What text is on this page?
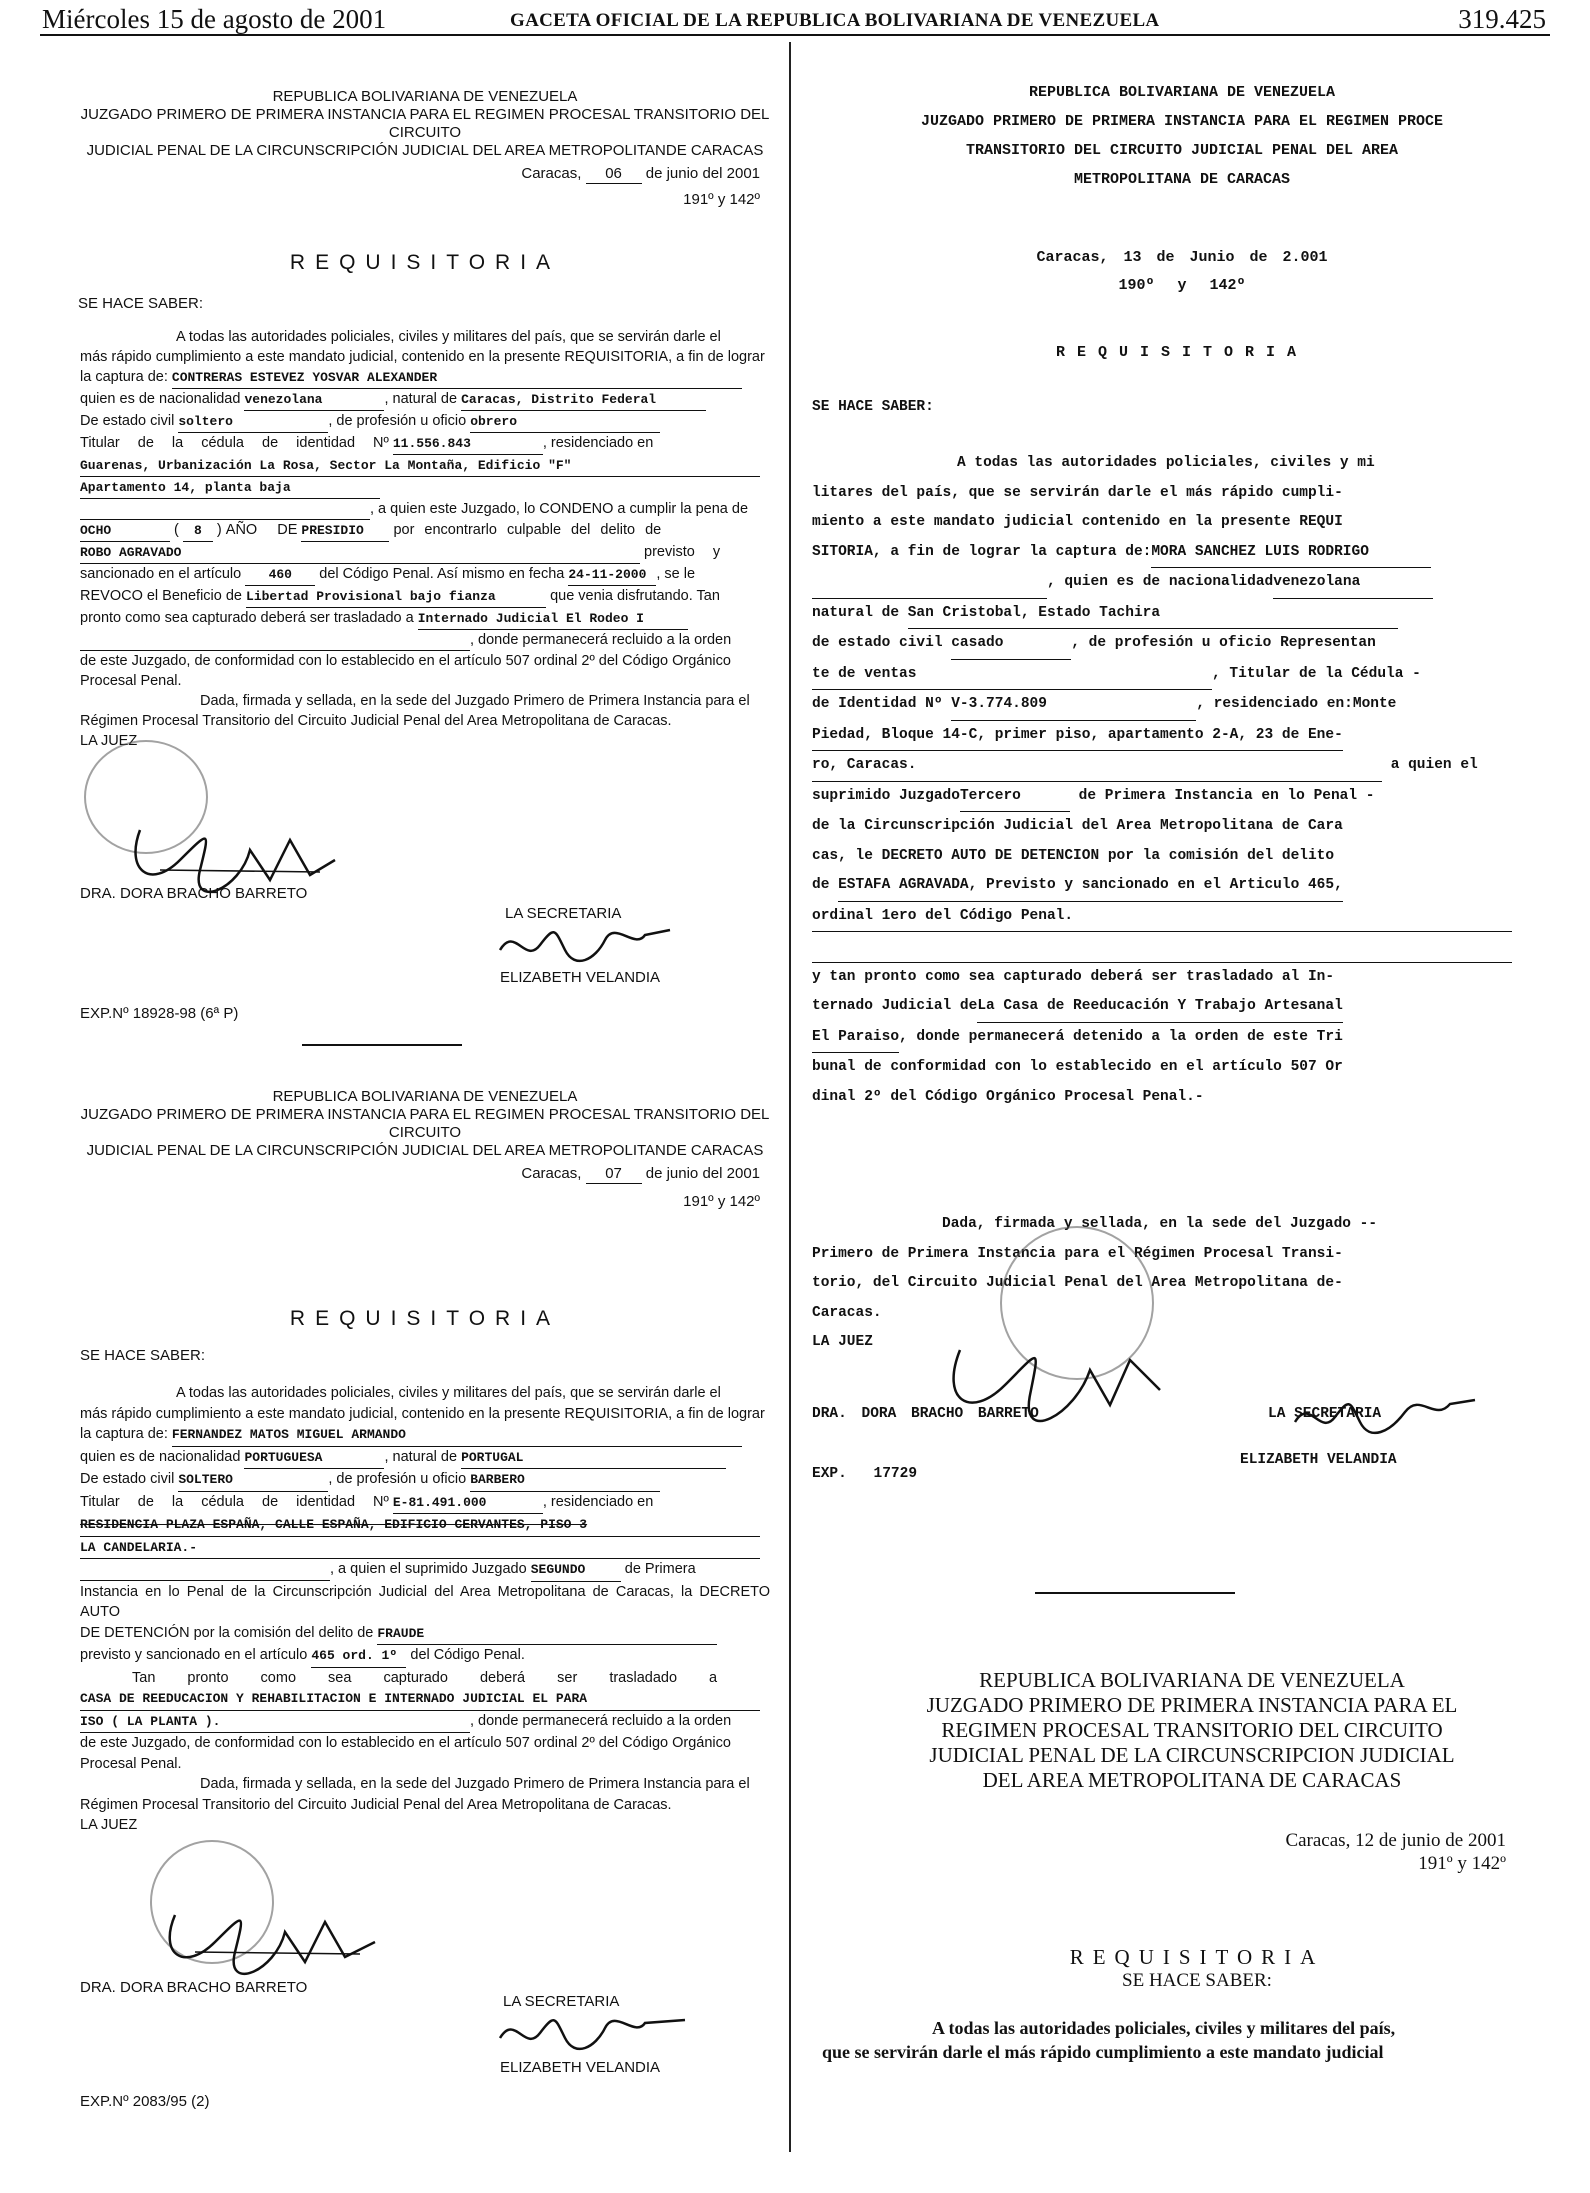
Miércoles 15 de agosto de 2001	GACETA OFICIAL DE LA REPUBLICA BOLIVARIANA DE VENEZUELA	319.425
REPUBLICA BOLIVARIANA DE VENEZUELA
JUZGADO PRIMERO DE PRIMERA INSTANCIA PARA EL REGIMEN PROCESAL TRANSITORIO DEL CIRCUITO
JUDICIAL PENAL DE LA CIRCUNSCRIPCIÓN JUDICIAL DEL AREA METROPOLITANDE CARACAS
Caracas, 06 de junio del 2001
191º y 142º
REQUISITORIA
SE HACE SABER:
A todas las autoridades policiales, civiles y militares del país, que se servirán darle el
más rápido cumplimiento a este mandato judicial, contenido en la presente REQUISITORIA, a fin de lograr
la captura de: CONTRERAS ESTEVEZ YOSVAR ALEXANDER
quien es de nacionalidad venezolana	, natural de Caracas, Distrito Federal
De estado civil soltero	, de profesión u oficio obrero
Titular de la cédula de identidad Nº 11.556.843	, residenciado en
Guarenas, Urbanización La Rosa, Sector La Montaña, Edificio "F"
Apartamento 14, planta baja
, a quien este Juzgado, lo CONDENO a cumplir la pena de
OCHO	( 8 ) AÑO DE PRESIDIO por encontrarlo culpable del delito de
ROBO AGRAVADO	previsto y
sancionado en el artículo 460 del Código Penal. Así mismo en fecha 24-11-2000 , se le
REVOCO el Beneficio de Libertad Provisional bajo fianza	que venia disfrutando. Tan
pronto como sea capturado deberá ser trasladado a Internado Judicial El Rodeo I
, donde permanecerá recluido a la orden
de este Juzgado, de conformidad con lo establecido en el artículo 507 ordinal 2º del Código Orgánico
Procesal Penal.
Dada, firmada y sellada, en la sede del Juzgado Primero de Primera Instancia para el
Régimen Procesal Transitorio del Circuito Judicial Penal del Area Metropolitana de Caracas.
LA JUEZ
DRA. DORA BRACHO BARRETO
LA SECRETARIA
ELIZABETH VELANDIA
EXP.Nº 18928-98 (6ª P)
REPUBLICA BOLIVARIANA DE VENEZUELA
JUZGADO PRIMERO DE PRIMERA INSTANCIA PARA EL REGIMEN PROCESAL TRANSITORIO DEL CIRCUITO
JUDICIAL PENAL DE LA CIRCUNSCRIPCIÓN JUDICIAL DEL AREA METROPOLITANDE CARACAS
Caracas, 07 de junio del 2001
191º y 142º
REQUISITORIA
SE HACE SABER:
A todas las autoridades policiales, civiles y militares del país, que se servirán darle el
más rápido cumplimiento a este mandato judicial, contenido en la presente REQUISITORIA, a fin de lograr
la captura de: FERNANDEZ MATOS MIGUEL ARMANDO
quien es de nacionalidad PORTUGUESA	, natural de PORTUGAL
De estado civil SOLTERO	, de profesión u oficio BARBERO
Titular de la cédula de identidad Nº E-81.491.000	, residenciado en
RESIDENCIA PLAZA ESPAÑA, CALLE ESPAÑA, EDIFICIO CERVANTES, PISO 3
LA CANDELARIA.-
, a quien el suprimido Juzgado SEGUNDO	de Primera
Instancia en lo Penal de la Circunscripción Judicial del Area Metropolitana de Caracas, la DECRETO AUTO
DE DETENCIÓN por la comisión del delito de FRAUDE
previsto y sancionado en el artículo 465 ord. 1º del Código Penal.
Tan pronto como sea capturado deberá ser trasladado a
CASA DE REEDUCACION Y REHABILITACION E INTERNADO JUDICIAL EL PARA
ISO ( LA PLANTA ).	, donde permanecerá recluido a la orden
de este Juzgado, de conformidad con lo establecido en el artículo 507 ordinal 2º del Código Orgánico
Procesal Penal.
Dada, firmada y sellada, en la sede del Juzgado Primero de Primera Instancia para el
Régimen Procesal Transitorio del Circuito Judicial Penal del Area Metropolitana de Caracas.
LA JUEZ
DRA. DORA BRACHO BARRETO
LA SECRETARIA
ELIZABETH VELANDIA
EXP.Nº 2083/95 (2)
REPUBLICA BOLIVARIANA DE VENEZUELA
JUZGADO PRIMERO DE PRIMERA INSTANCIA PARA EL REGIMEN PROCE
TRANSITORIO DEL CIRCUITO JUDICIAL PENAL DEL AREA
METROPOLITANA DE CARACAS
Caracas, 13 de Junio de 2.001
190º y 142º
REQUISITORIA
SE HACE SABER:
A todas las autoridades policiales, civiles y mi
litares del país, que se servirán darle el más rápido cumpli-
miento a este mandato judicial contenido en la presente REQUI
SITORIA, a fin de lograr la captura de:MORA SANCHEZ LUIS RODRIGO
, quien es de nacionalidadvenezolana
natural de San Cristobal, Estado Tachira
de estado civil casado	, de profesión u oficio Representan
te de ventas	, Titular de la Cédula -
de Identidad Nº V-3.774.809	, residenciado en:Monte
Piedad, Bloque 14-C, primer piso, apartamento 2-A, 23 de Ene-
ro, Caracas.	a quien el
suprimido JuzgadoTercero	de Primera Instancia en lo Penal -
de la Circunscripción Judicial del Area Metropolitana de Cara
cas, le DECRETO AUTO DE DETENCION por la comisión del delito
de ESTAFA AGRAVADA, Previsto y sancionado en el Articulo 465,
ordinal 1ero del Código Penal.

y tan pronto como sea capturado deberá ser trasladado al In-
ternado Judicial deLa Casa de Reeducación Y Trabajo Artesanal
El Paraiso, donde permanecerá detenido a la orden de este Tri
bunal de conformidad con lo establecido en el artículo 507 Or
dinal 2º del Código Orgánico Procesal Penal.-
Dada, firmada y sellada, en la sede del Juzgado --
Primero de Primera Instancia para el Régimen Procesal Transi-
torio, del Circuito Judicial Penal del Area Metropolitana de-
Caracas.
LA JUEZ
DRA. DORA BRACHO BARRETO	LA SECRETARIA
ELIZABETH VELANDIA
EXP. 17729
REPUBLICA BOLIVARIANA DE VENEZUELA
JUZGADO PRIMERO DE PRIMERA INSTANCIA PARA EL
REGIMEN PROCESAL TRANSITORIO DEL CIRCUITO
JUDICIAL PENAL DE LA CIRCUNSCRIPCION JUDICIAL
DEL AREA METROPOLITANA DE CARACAS
Caracas, 12 de junio de 2001
191º y 142º
REQUISITORIA
SE HACE SABER:
A todas las autoridades policiales, civiles y militares del país,
que se servirán darle el más rápido cumplimiento a este mandato judicial
